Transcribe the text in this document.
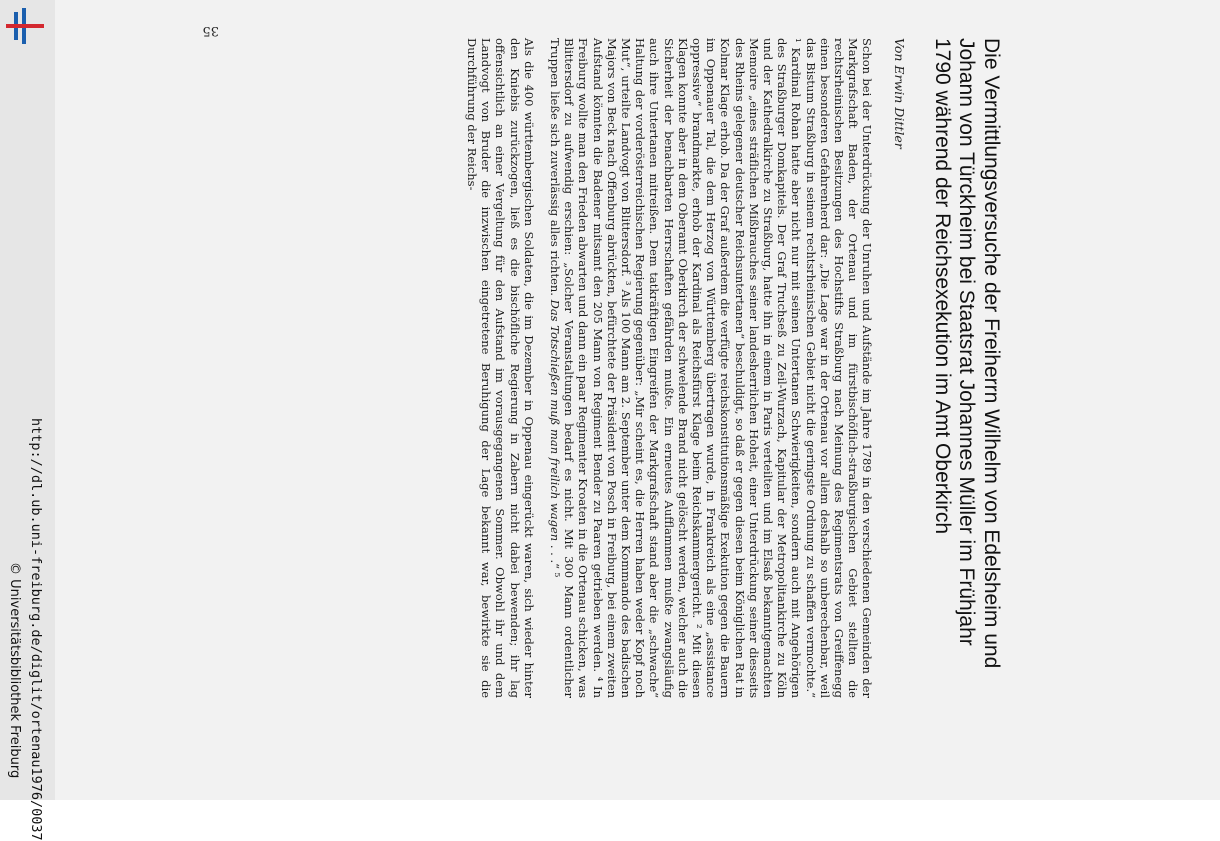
http://dl.ub.uni-freiburg.de/diglit/ortenau1976/0037
© Universitätsbibliothek Freiburg
Die Vermittlungsversuche der Freiherrn Wilhelm von Edelsheim und Johann von Türckheim bei Staatsrat Johannes Müller im Frühjahr 1790 während der Reichsexekution im Amt Oberkirch
Von Erwin Dittler

Schon bei der Unterdrückung der Unruhen und Aufstände im Jahre 1789 in den verschiedenen Gemeinden der Markgrafschaft Baden, der Ortenau und im fürstbischöflich-straßburgischen Gebiet stellten die rechtsrheinischen Besitzungen des Hochstifts Straßburg nach Meinung des Regimentsrats von Greiffenegg einen besonderen Gefahrenherd dar: „Die Lage war in der Ortenau vor allem deshalb so unberechenbar, weil das Bistum Straßburg in seinem rechtsrheinischen Gebiet nicht die geringste Ordnung zu schaffen vermochte.“ ¹ Kardinal Rohan hatte aber nicht nur mit seinen Untertanen Schwierigkeiten, sondern auch mit Angehörigen des Straßburger Domkapitels. Der Graf Truchseß zu Zeil-Wurzach, Kapitular der Metropolitankirche zu Köln und der Kathedralkirche zu Straßburg, hatte ihn in einem in Paris verteilten und im Elsaß bekanntgemachten Memoire „eines sträflichen Mißbrauches seiner landesherrlichen Hoheit, einer Unterdrückung seiner diesseits des Rheins gelegener deutscher Reichsuntertanen“ beschuldigt, so daß er gegen diesen beim Königlichen Rat in Kolmar Klage erhob. Da der Graf außerdem die verfügte reichskonstitutionsmäßige Exekution gegen die Bauern im Oppenauer Tal, die dem Herzog von Württemberg übertragen wurde, in Frankreich als eine „assistance oppressive“ brandmarkte, erhob der Kardinal als Reichsfürst Klage beim Reichskammergericht. ² Mit diesen Klagen konnte aber in dem Oberamt Oberkirch der schwelende Brand nicht gelöscht werden, welcher auch die Sicherheit der benachbarten Herrschaften gefährden mußte. Ein erneutes Aufflammen mußte zwangsläufig auch ihre Untertanen mitreißen. Dem tatkräftigen Eingreifen der Markgrafschaft stand aber die „schwache“ Haltung der vorderösterreichischen Regierung gegenüber: „Mir scheint es, die Herren haben weder Kopf noch Mut“, urteilte Landvogt von Blittersdorf. ³ Als 100 Mann am 2. September unter dem Kommando des badischen Majors von Beck nach Offenburg abrückten, befürchtete der Präsident von Posch in Freiburg, bei einem zweiten Aufstand könnten die Badener mitsamt den 205 Mann von Regiment Bender zu Paaren getrieben werden. ⁴ In Freiburg wollte man den Frieden abwarten und dann ein paar Regimenter Kroaten in die Ortenau schicken, was Blittersdorf zu aufwendig erschien: „Solcher Veranstaltungen bedarf es nicht. Mit 300 Mann ordentlicher Truppen ließe sich zuverlässig alles richten. Das Totschießen muß man freilich wagen . . .“ ⁵

Als die 400 württembergischen Soldaten, die im Dezember in Oppenau eingerückt waren, sich wieder hinter den Kniebis zurückzogen, ließ es die bischöfliche Regierung in Zabern nicht dabei bewenden; ihr lag offensichtlich an einer Vergeltung für den Aufstand im vorausgegangenen Sommer. Obwohl ihr und dem Landvogt von Bruder die inzwischen eingetretene Beruhigung der Lage bekannt war, bewirkte sie die Durchführung der Reichs-

35
